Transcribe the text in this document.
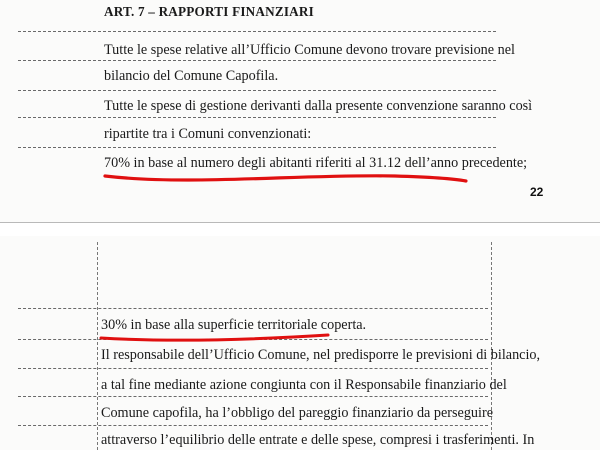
ART. 7 – RAPPORTI FINANZIARI
Tutte le spese relative all’Ufficio Comune devono trovare previsione nel
bilancio del Comune Capofila.
Tutte le spese di gestione derivanti dalla presente convenzione saranno così
ripartite tra i Comuni convenzionati:
70% in base al numero degli abitanti riferiti al 31.12 dell’anno precedente;
22
30% in base alla superficie territoriale coperta.
Il responsabile dell’Ufficio Comune, nel predisporre le previsioni di bilancio,
a tal fine mediante azione congiunta con il Responsabile finanziario del
Comune capofila, ha l’obbligo del pareggio finanziario da perseguire
attraverso l’equilibrio delle entrate e delle spese, compresi i trasferimenti. In
